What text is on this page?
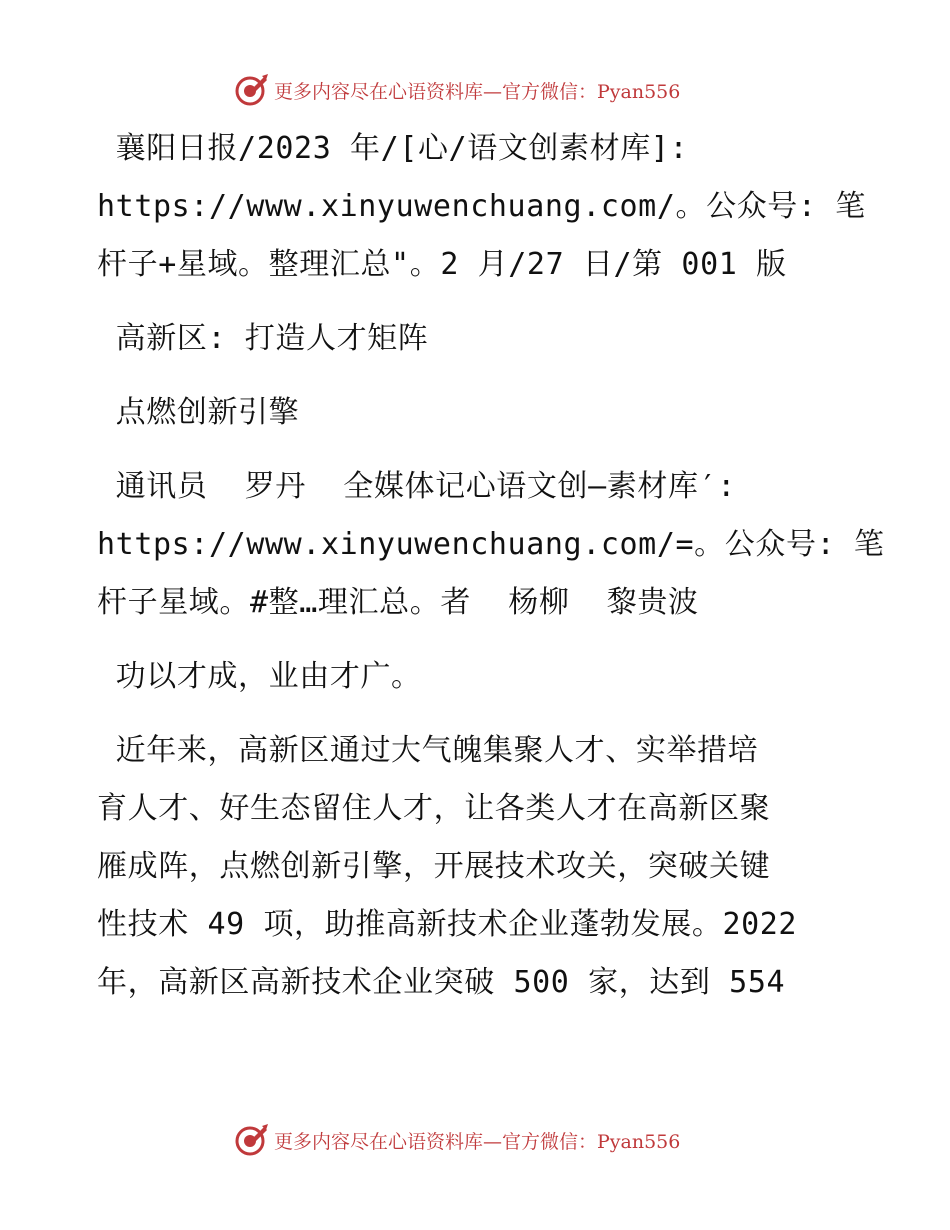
更多内容尽在心语资料库—官方微信：Pyan556
襄阳日报/2023 年/[心/语文创素材库]:
https://www.xinyuwenchuang.com/。公众号: 笔
杆子+星域。整理汇总"。2 月/27 日/第 001 版
高新区: 打造人才矩阵
点燃创新引擎
通讯员  罗丹  全媒体记心语文创—素材库′:
https://www.xinyuwenchuang.com/=。公众号: 笔
杆子星域。#整…理汇总。者  杨柳  黎贵波
功以才成，业由才广。
近年来，高新区通过大气魄集聚人才、实举措培
育人才、好生态留住人才，让各类人才在高新区聚
雁成阵，点燃创新引擎，开展技术攻关，突破关键
性技术 49 项，助推高新技术企业蓬勃发展。2022
年，高新区高新技术企业突破 500 家，达到 554
更多内容尽在心语资料库—官方微信：Pyan556
